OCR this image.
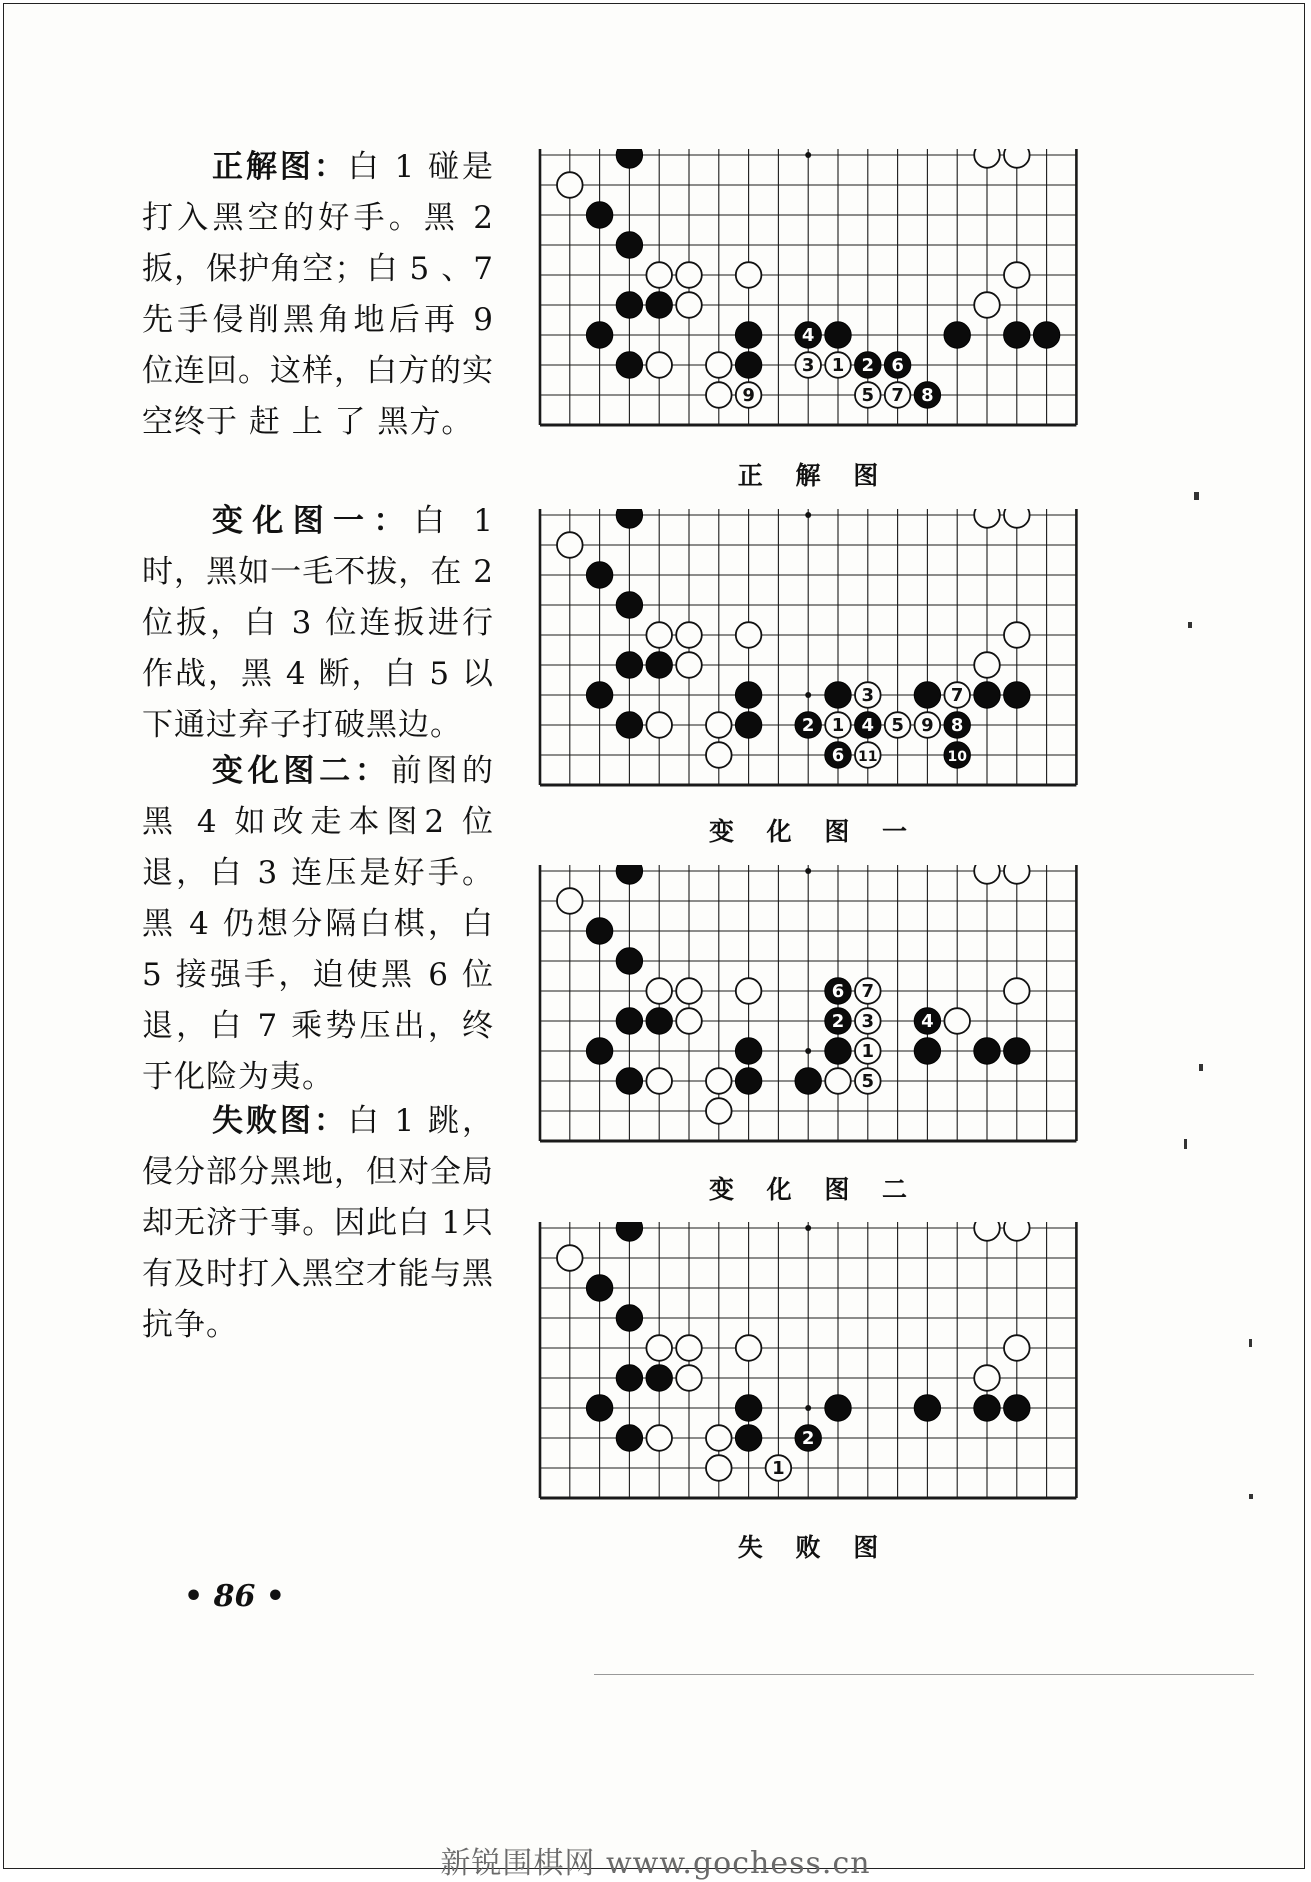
正解图：白 1 碰是打入黑空的好手。黑 2 扳，保护角空；白 5 、7先手侵削黑角地后再 9 位连回。这样，白方的实空终于 赶 上 了 黑方。
变化图一：白 1 时，黑如一毛不拔，在 2 位扳，白 3 位连扳进行作战，黑 4 断，白 5 以下通过弃子打破黑边。
变化图二：前图的黑 4 如改走本图2 位退，白 3 连压是好手。黑 4 仍想分隔白棋，白 5 接强手，迫使黑 6 位退，白 7 乘势压出，终于化险为夷。
失败图：白 1 跳，侵分部分黑地，但对全局却无济于事。因此白 1只有及时打入黑空才能与黑抗争。
4
3 1 2 6
9	5 7 8
正 解 图
3	7
2 1 4 5 9 8
6 11	10
变 化 图 一
6 7
2 3	4
1
5
变 化 图 二
2
1
失 败 图
• 86 •
新锐围棋网 www.gochess.cn
